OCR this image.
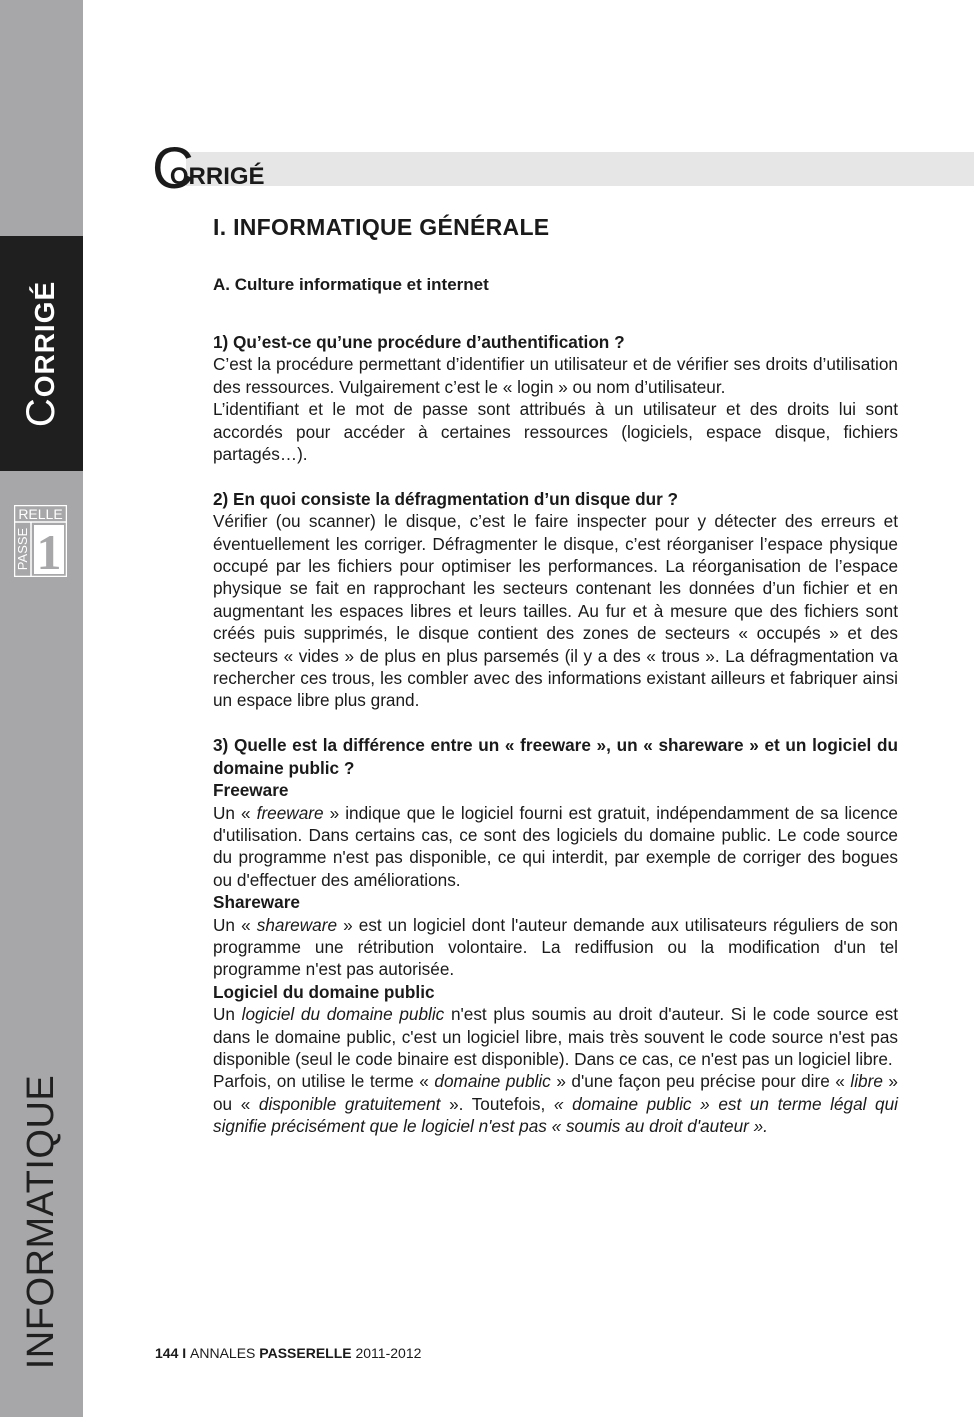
CORRIGÉ
RELLE
PASSE 1
INFORMATIQUE
CORRIGÉ
I. INFORMATIQUE GÉNÉRALE
A. Culture informatique et internet

1) Qu’est-ce qu’une procédure d’authentification ?

C’est la procédure permettant d’identifier un utilisateur et de vérifier ses droits d’utilisation des ressources. Vulgairement c’est le « login » ou nom d’utilisateur.

L’identifiant et le mot de passe sont attribués à un utilisateur et des droits lui sont accordés pour accéder à certaines ressources (logiciels, espace disque, fichiers partagés…).

2) En quoi consiste la défragmentation d’un disque dur ?

Vérifier (ou scanner) le disque, c’est le faire inspecter pour y détecter des erreurs et éventuellement les corriger. Défragmenter le disque, c’est réorganiser l’espace physique occupé par les fichiers pour optimiser les performances. La réorganisation de l’espace physique se fait en rapprochant les secteurs contenant les données d’un fichier et en augmentant les espaces libres et leurs tailles. Au fur et à mesure que des fichiers sont créés puis supprimés, le disque contient des zones de secteurs « occupés » et des secteurs « vides » de plus en plus parsemés (il y a des « trous ». La défragmentation va rechercher ces trous, les combler avec des informations existant ailleurs et fabriquer ainsi un espace libre plus grand.

3) Quelle est la différence entre un « freeware », un « shareware » et un logiciel du domaine public ?

Freeware

Un « freeware » indique que le logiciel fourni est gratuit, indépendamment de sa licence d'utilisation. Dans certains cas, ce sont des logiciels du domaine public. Le code source du programme n'est pas disponible, ce qui interdit, par exemple de corriger des bogues ou d'effectuer des améliorations.

Shareware

Un « shareware » est un logiciel dont l'auteur demande aux utilisateurs réguliers de son programme une rétribution volontaire. La rediffusion ou la modification d'un tel programme n'est pas autorisée.

Logiciel du domaine public

Un logiciel du domaine public n'est plus soumis au droit d'auteur. Si le code source est dans le domaine public, c'est un logiciel libre, mais très souvent le code source n'est pas disponible (seul le code binaire est disponible). Dans ce cas, ce n'est pas un logiciel libre.

Parfois, on utilise le terme « domaine public » d'une façon peu précise pour dire « libre » ou « disponible gratuitement ». Toutefois, « domaine public » est un terme légal qui signifie précisément que le logiciel n'est pas « soumis au droit d'auteur ».

144 I ANNALES PASSERELLE 2011-2012
